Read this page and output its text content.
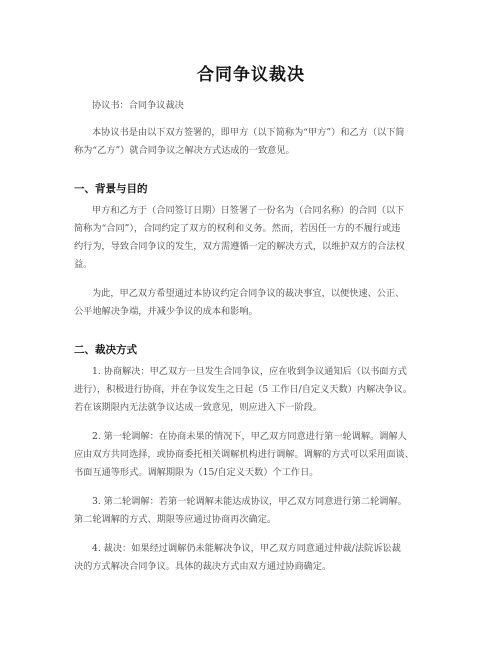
合同争议裁决
协议书：合同争议裁决
本协议书是由以下双方签署的，即甲方（以下简称为“甲方”）和乙方（以下简
称为“乙方”）就合同争议之解决方式达成的一致意见。
一、背景与目的
甲方和乙方于（合同签订日期）日签署了一份名为（合同名称）的合同（以下
简称为“合同”），合同约定了双方的权利和义务。然而，若因任一方的不履行或违
约行为，导致合同争议的发生，双方需遵循一定的解决方式，以维护双方的合法权
益。
为此，甲乙双方希望通过本协议约定合同争议的裁决事宜，以便快速、公正、
公平地解决争端，并减少争议的成本和影响。
二、裁决方式
1. 协商解决：甲乙双方一旦发生合同争议，应在收到争议通知后（以书面方式
进行），积极进行协商，并在争议发生之日起（5 工作日/自定义天数）内解决争议。
若在该期限内无法就争议达成一致意见，则应进入下一阶段。
2. 第一轮调解：在协商未果的情况下，甲乙双方同意进行第一轮调解。调解人
应由双方共同选择，或协商委托相关调解机构进行调解。调解的方式可以采用面谈、
书面互通等形式。调解期限为（15/自定义天数）个工作日。
3. 第二轮调解：若第一轮调解未能达成协议，甲乙双方同意进行第二轮调解。
第二轮调解的方式、期限等应通过协商再次确定。
4. 裁决：如果经过调解仍未能解决争议，甲乙双方同意通过仲裁/法院诉讼裁
决的方式解决合同争议。具体的裁决方式由双方通过协商确定。
